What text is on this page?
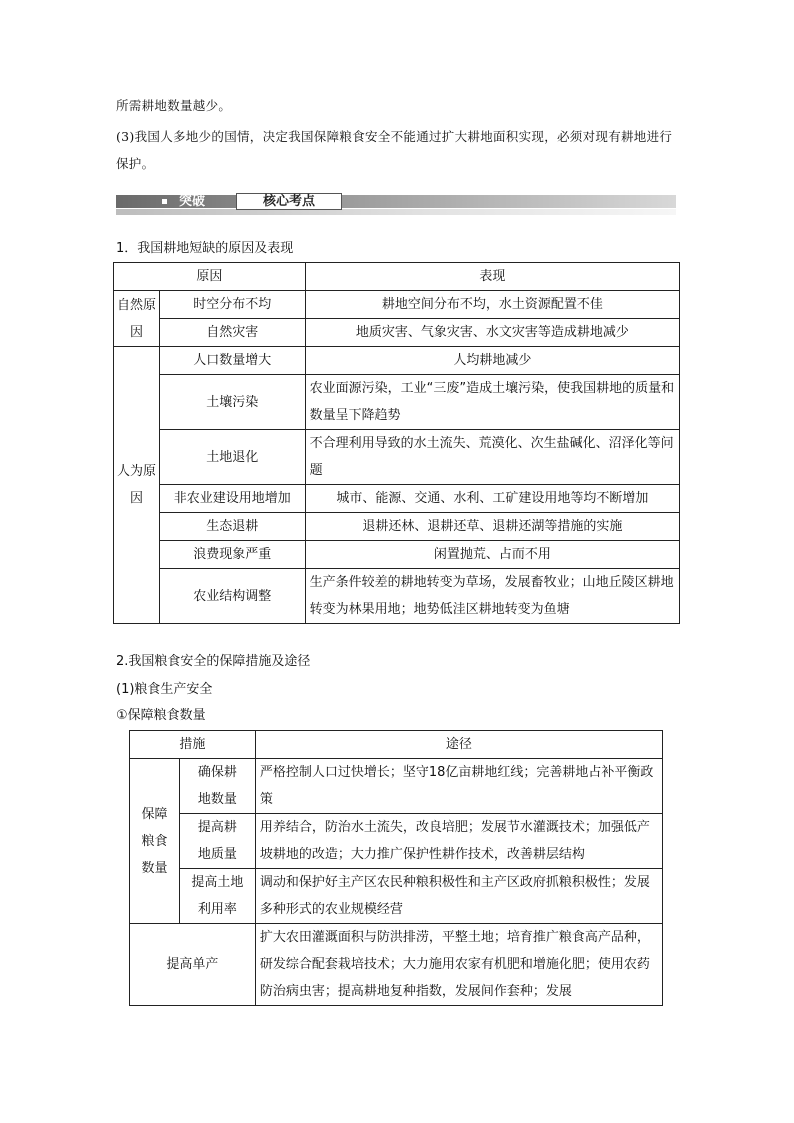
所需耕地数量越少。
(3)我国人多地少的国情，决定我国保障粮食安全不能通过扩大耕地面积实现，必须对现有耕地进行保护。
突破	核心考点
1．我国耕地短缺的原因及表现
原因		表现
自然原因	时空分布不均	耕地空间分布不均，水土资源配置不佳
	自然灾害	地质灾害、气象灾害、水文灾害等造成耕地减少
人为原因	人口数量增大	人均耕地减少
	土壤污染	农业面源污染，工业“三废”造成土壤污染，使我国耕地的质量和数量呈下降趋势
	土地退化	不合理利用导致的水土流失、荒漠化、次生盐碱化、沼泽化等问题
	非农业建设用地增加	城市、能源、交通、水利、工矿建设用地等均不断增加
	生态退耕	退耕还林、退耕还草、退耕还湖等措施的实施
	浪费现象严重	闲置抛荒、占而不用
	农业结构调整	生产条件较差的耕地转变为草场，发展畜牧业；山地丘陵区耕地转变为林果用地；地势低洼区耕地转变为鱼塘
2.我国粮食安全的保障措施及途径
(1)粮食生产安全
①保障粮食数量
措施		途径
保障粮食数量	确保耕地数量	严格控制人口过快增长；坚守18亿亩耕地红线；完善耕地占补平衡政策
	提高耕地质量	用养结合，防治水土流失，改良培肥；发展节水灌溉技术；加强低产坡耕地的改造；大力推广保护性耕作技术，改善耕层结构
	提高土地利用率	调动和保护好主产区农民种粮积极性和主产区政府抓粮积极性；发展多种形式的农业规模经营
提高单产		扩大农田灌溉面积与防洪排涝，平整土地；培育推广粮食高产品种，研发综合配套栽培技术；大力施用农家有机肥和增施化肥；使用农药防治病虫害；提高耕地复种指数，发展间作套种；发展
